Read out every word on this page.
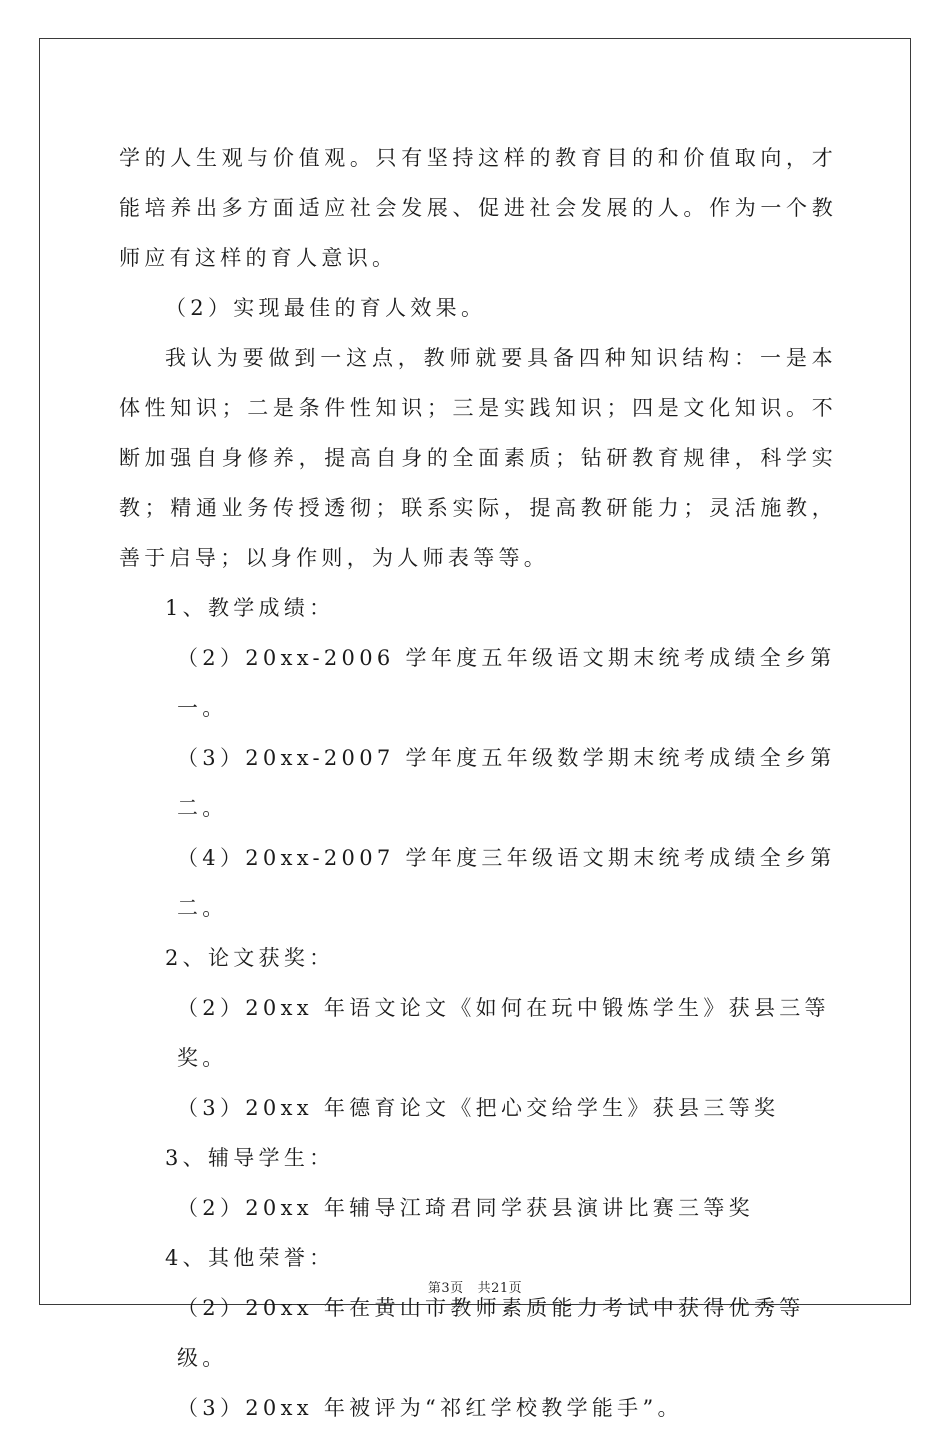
学的人生观与价值观。只有坚持这样的教育目的和价值取向，才能培养出多方面适应社会发展、促进社会发展的人。作为一个教师应有这样的育人意识。

（2）实现最佳的育人效果。

我认为要做到一这点，教师就要具备四种知识结构：一是本体性知识；二是条件性知识；三是实践知识；四是文化知识。不断加强自身修养，提高自身的全面素质；钻研教育规律，科学实教；精通业务传授透彻；联系实际，提高教研能力；灵活施教，善于启导；以身作则，为人师表等等。

1、教学成绩：

（2）20xx-2006 学年度五年级语文期末统考成绩全乡第一。

（3）20xx-2007 学年度五年级数学期末统考成绩全乡第二。

（4）20xx-2007 学年度三年级语文期末统考成绩全乡第二。

2、论文获奖：

（2）20xx 年语文论文《如何在玩中锻炼学生》获县三等奖。

（3）20xx 年德育论文《把心交给学生》获县三等奖

3、辅导学生：

（2）20xx 年辅导江琦君同学获县演讲比赛三等奖

4、其他荣誉：

（2）20xx 年在黄山市教师素质能力考试中获得优秀等级。

（3）20xx 年被评为“祁红学校教学能手”。

第3页 共21页
